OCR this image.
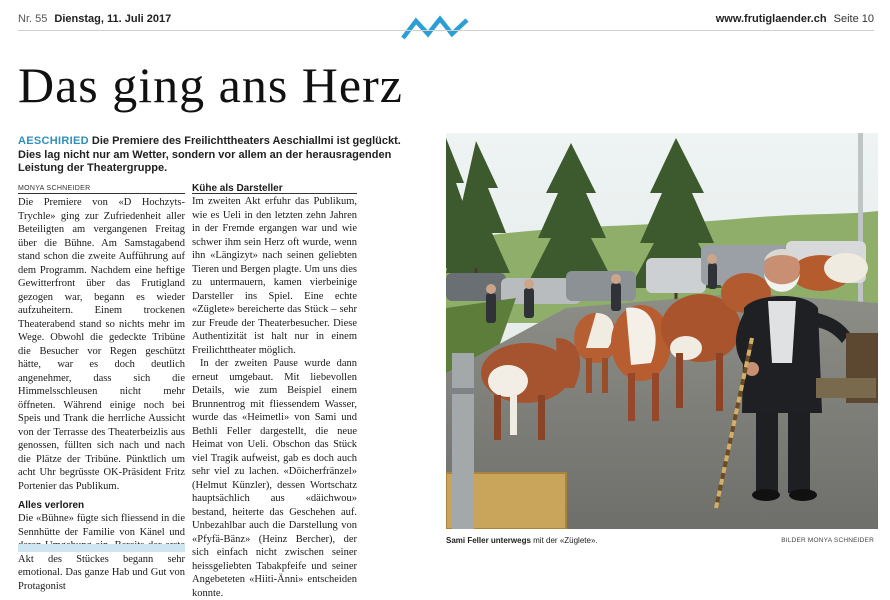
Nr. 55 Dienstag, 11. Juli 2017	www.frutiglaender.ch Seite 10
Das ging ans Herz
AESCHIRIED Die Premiere des Freilichttheaters Aeschiallmi ist geglückt. Dies lag nicht nur am Wetter, sondern vor allem an der herausragenden Leistung der Theatergruppe.
MONYA SCHNEIDER

Die Premiere von «D Hochzyts-Trychle» ging zur Zufriedenheit aller Beteiligten am vergangenen Freitag über die Bühne. Am Samstagabend stand schon die zweite Aufführung auf dem Programm. Nachdem eine heftige Gewitterfront über das Frutigland gezogen war, begann es wieder aufzuheitern. Einem trockenen Theaterabend stand so nichts mehr im Wege. Obwohl die gedeckte Tribüne die Besucher vor Regen geschützt hätte, war es doch deutlich angenehmer, dass sich die Himmelsschleusen nicht mehr öffneten. Während einige noch bei Speis und Trank die herrliche Aussicht von der Terrasse des Theaterbeizlis aus genossen, füllten sich nach und nach die Plätze der Tribüne. Pünktlich um acht Uhr begrüsste OK-Präsident Fritz Portenier das Publikum.

Alles verloren

Die «Bühne» fügte sich fliessend in die Sennhütte der Familie von Känel und Akt des Stückes begann sehr emotional. Das ganze Hab und Gut von Protagonist

Kühe als Darsteller

Im zweiten Akt erfuhr das Publikum, wie es Ueli in den letzten zehn Jahren in der Fremde ergangen war und wie schwer ihm sein Herz oft wurde, wenn ihn «Längizyt» nach seinen geliebten Tieren und Bergen plagte. Um uns dies zu untermauern, kamen vierbeinige Darsteller ins Spiel. Eine echte «Züglete» bereicherte das Stück – sehr zur Freude der Theaterbesucher. Diese Authentizität ist halt nur in einem Freilichttheater möglich.

In der zweiten Pause wurde dann erneut umgebaut. Mit liebevollen Details, wie zum Beispiel einem Brunnentrog mit fliessendem Wasser, wurde das «Heimetli» von Sami und Bethli Feller dargestellt, die neue Heimat von Ueli. Obschon das Stück viel Tragik aufweist, gab es doch auch sehr viel zu lachen. «Döicherfränzel» (Helmut Künzler), dessen Wortschatz hauptsächlich aus «däichwou» bestand, heiterte das Geschehen auf. Unbezahlbar auch die Darstellung von «Pfyfä-Bänz» (Heinz Bercher), der sich einfach nicht zwischen seiner heissgeliebten Tabakpfeife und seiner Angebeteten «Hiiti-Änni» entscheiden konnte.

Sami Feller unterwegs mit der «Züglete».	BILDER MONYA SCHNEIDER
